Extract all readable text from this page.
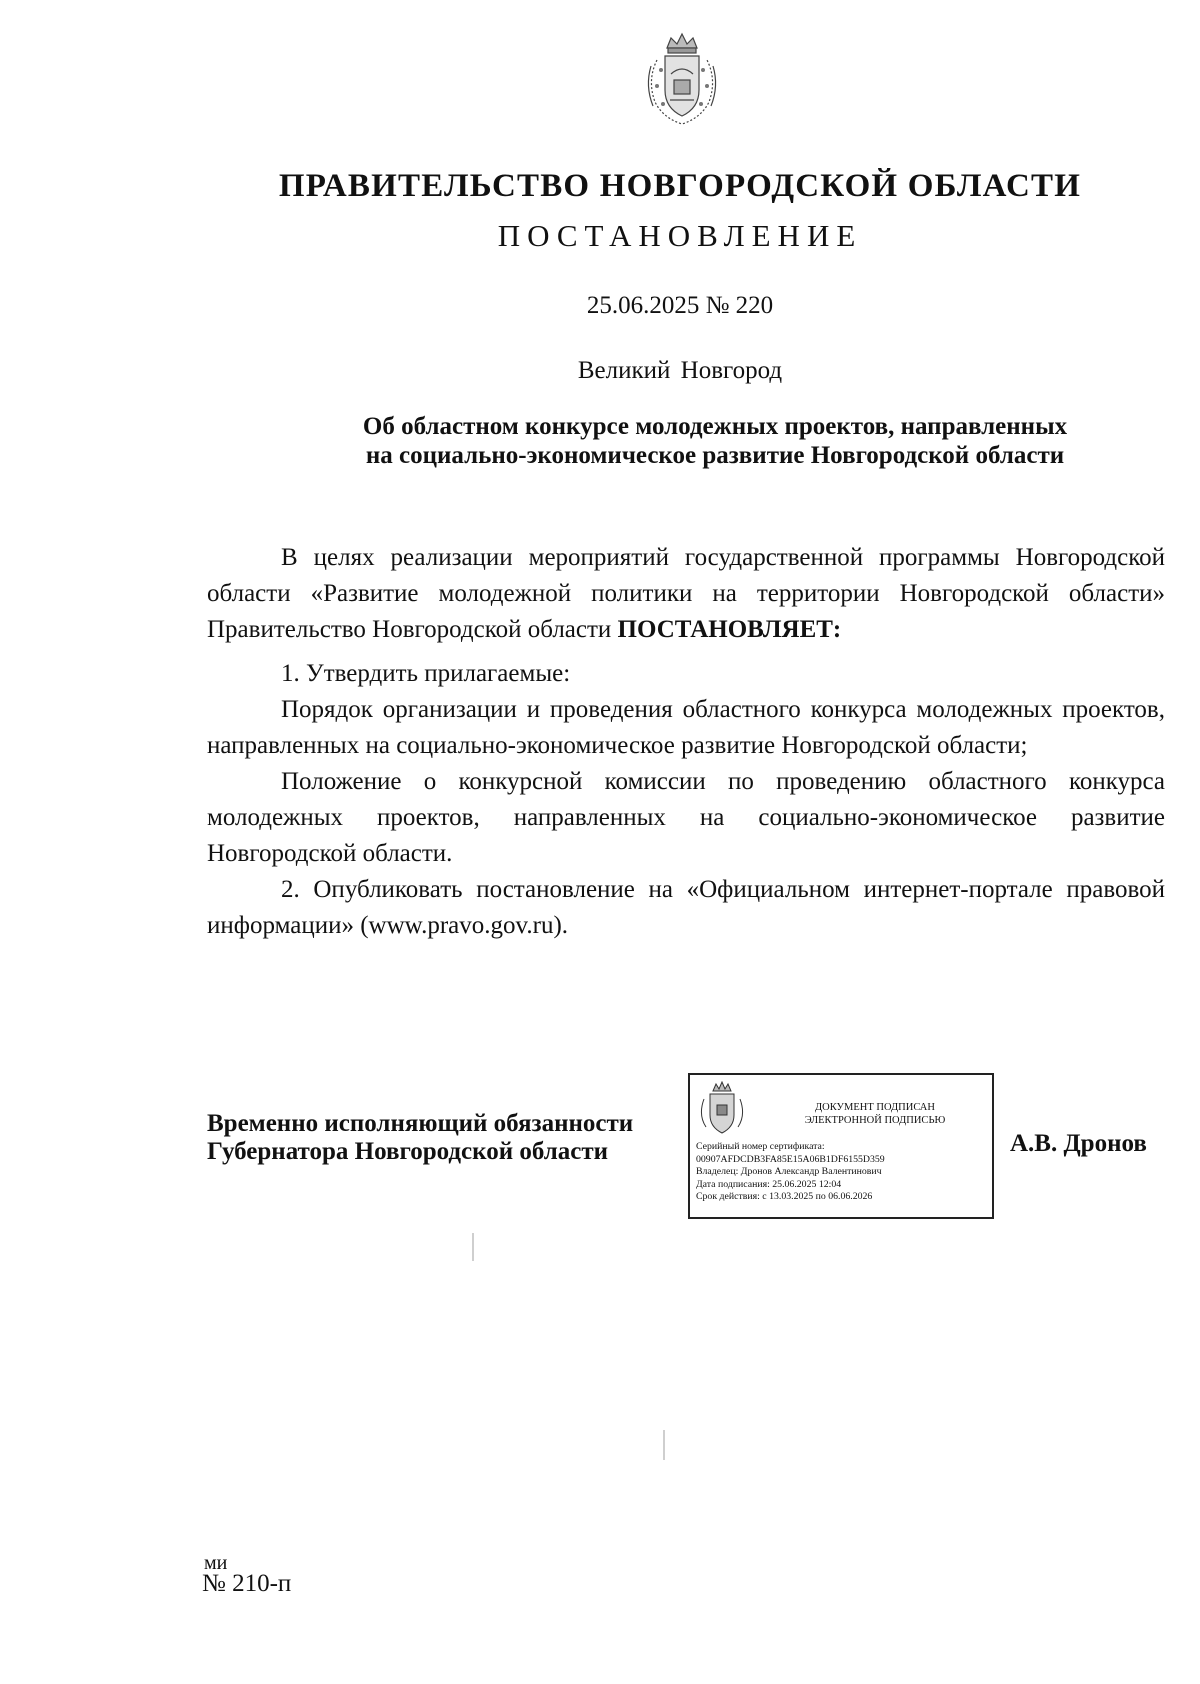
ПРАВИТЕЛЬСТВО НОВГОРОДСКОЙ ОБЛАСТИ
ПОСТАНОВЛЕНИЕ
25.06.2025 № 220
Великий Новгород
Об областном конкурсе молодежных проектов, направленных
на социально-экономическое развитие Новгородской области

В целях реализации мероприятий государственной программы Новгородской области «Развитие молодежной политики на территории Новгородской области» Правительство Новгородской области ПОСТАНОВЛЯЕТ:

1. Утвердить прилагаемые:

Порядок организации и проведения областного конкурса молодежных проектов, направленных на социально-экономическое развитие Новгородской области;

Положение о конкурсной комиссии по проведению областного конкурса молодежных проектов, направленных на социально-экономическое развитие Новгородской области.

2. Опубликовать постановление на «Официальном интернет-портале правовой информации» (www.pravo.gov.ru).

Временно исполняющий обязанности
Губернатора Новгородской области
ДОКУМЕНТ ПОДПИСАН
ЭЛЕКТРОННОЙ ПОДПИСЬЮ
Серийный номер сертификата:
00907AFDCDB3FA85E15A06B1DF6155D359
Владелец: Дронов Александр Валентинович
Дата подписания: 25.06.2025 12:04
Срок действия: с 13.03.2025 по 06.06.2026
А.В. Дронов
ми
№ 210-п
